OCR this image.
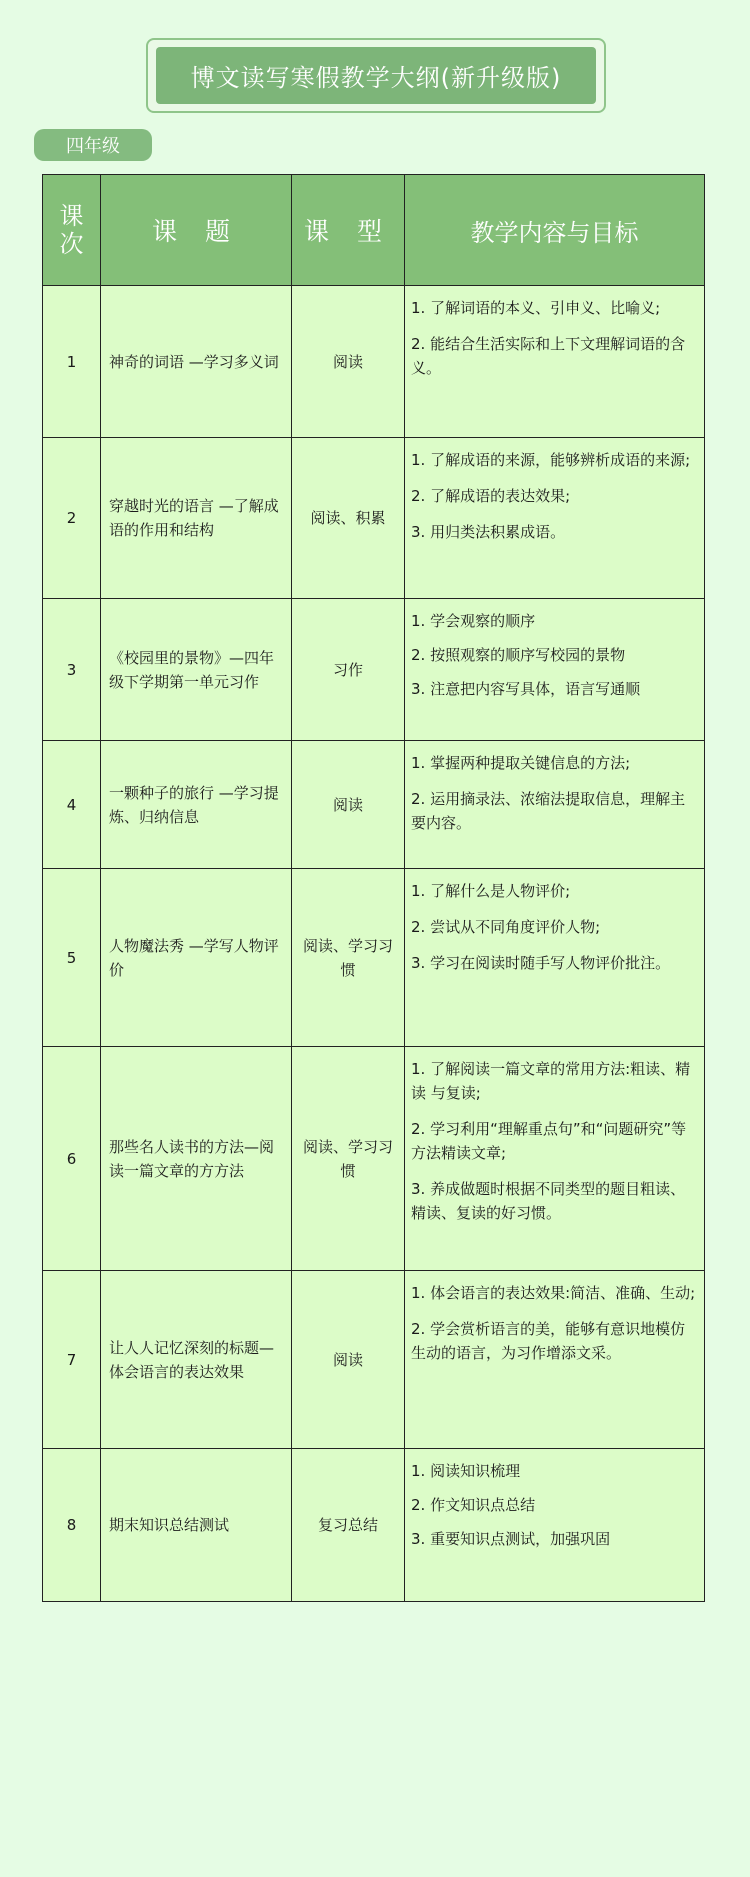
博文读写寒假教学大纲(新升级版)
四年级
课次	课 题	课 型	教学内容与目标
1	神奇的词语 —学习多义词	阅读	1. 了解词语的本义、引申义、比喻义;
2. 能结合生活实际和上下文理解词语的含义。

2	穿越时光的语言 —了解成语的作用和结构	阅读、积累	1. 了解成语的来源，能够辨析成语的来源;
2. 了解成语的表达效果;
3. 用归类法积累成语。

3	《校园里的景物》—四年级下学期第一单元习作	习作	1. 学会观察的顺序
2. 按照观察的顺序写校园的景物
3. 注意把内容写具体，语言写通顺

4	一颗种子的旅行 —学习提炼、归纳信息	阅读	1. 掌握两种提取关键信息的方法;
2. 运用摘录法、浓缩法提取信息，理解主要内容。

5	人物魔法秀 —学写人物评价	阅读、学习习惯	1. 了解什么是人物评价;
2. 尝试从不同角度评价人物;
3. 学习在阅读时随手写人物评价批注。

6	那些名人读书的方法—阅读一篇文章的方方法	阅读、学习习惯	1. 了解阅读一篇文章的常用方法:粗读、精读 与复读;
2. 学习利用“理解重点句”和“问题研究”等方法精读文章;
3. 养成做题时根据不同类型的题目粗读、精读、复读的好习惯。

7	让人人记忆深刻的标题—体会语言的表达效果	阅读	1. 体会语言的表达效果:简洁、准确、生动;
2. 学会赏析语言的美，能够有意识地模仿生动的语言，为习作增添文采。

8	期末知识总结测试	复习总结	1. 阅读知识梳理
2. 作文知识点总结
3. 重要知识点测试，加强巩固
